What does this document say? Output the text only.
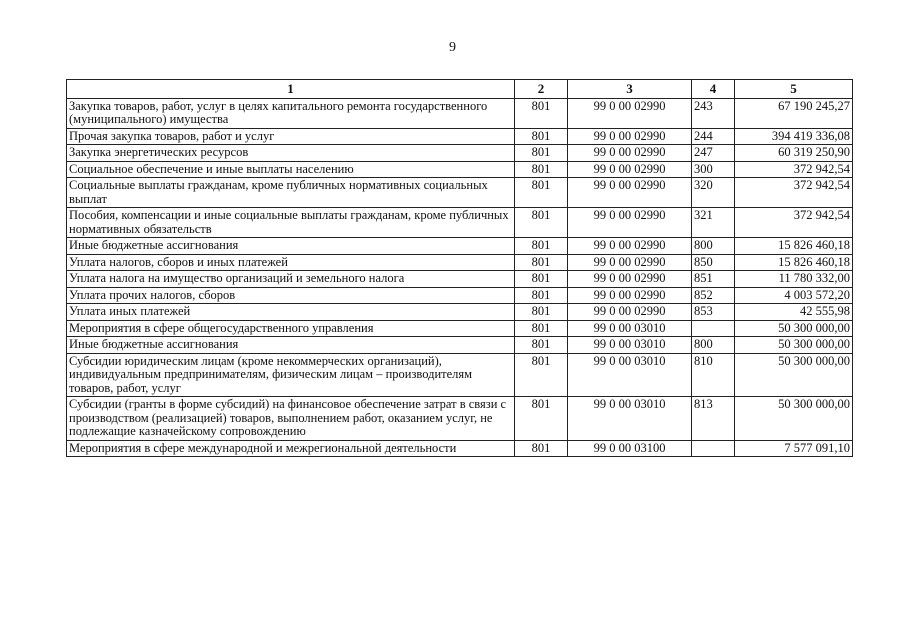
9
1	2	3	4	5
Закупка товаров, работ, услуг в целях капитального ремонта государственного (муниципального) имущества	801	99 0 00 02990	243	67 190 245,27
Прочая закупка товаров, работ и услуг	801	99 0 00 02990	244	394 419 336,08
Закупка энергетических ресурсов	801	99 0 00 02990	247	60 319 250,90
Социальное обеспечение и иные выплаты населению	801	99 0 00 02990	300	372 942,54
Социальные выплаты гражданам, кроме публичных нормативных социальных выплат	801	99 0 00 02990	320	372 942,54
Пособия, компенсации и иные социальные выплаты гражданам, кроме публичных нормативных обязательств	801	99 0 00 02990	321	372 942,54
Иные бюджетные ассигнования	801	99 0 00 02990	800	15 826 460,18
Уплата налогов, сборов и иных платежей	801	99 0 00 02990	850	15 826 460,18
Уплата налога на имущество организаций и земельного налога	801	99 0 00 02990	851	11 780 332,00
Уплата прочих налогов, сборов	801	99 0 00 02990	852	4 003 572,20
Уплата иных платежей	801	99 0 00 02990	853	42 555,98
Мероприятия в сфере общегосударственного управления	801	99 0 00 03010		50 300 000,00
Иные бюджетные ассигнования	801	99 0 00 03010	800	50 300 000,00
Субсидии юридическим лицам (кроме некоммерческих организаций), индивидуальным предпринимателям, физическим лицам – производителям товаров, работ, услуг	801	99 0 00 03010	810	50 300 000,00
Субсидии (гранты в форме субсидий) на финансовое обеспечение затрат в связи с производством (реализацией) товаров, выполнением работ, оказанием услуг, не подлежащие казначейскому сопровождению	801	99 0 00 03010	813	50 300 000,00
Мероприятия в сфере международной и межрегиональной деятельности	801	99 0 00 03100		7 577 091,10
